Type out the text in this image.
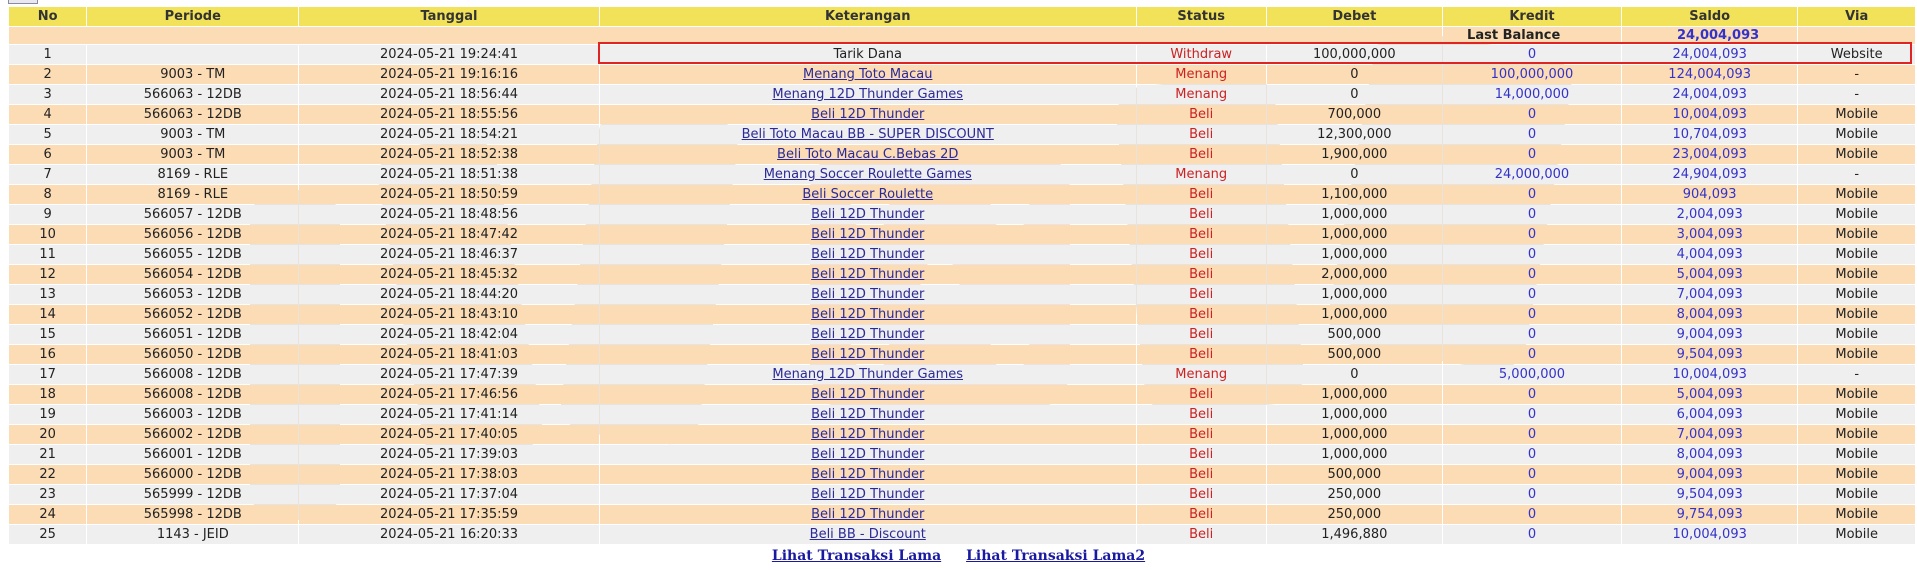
No	Periode	Tanggal	Keterangan	Status	Debet	Kredit	Saldo	Via
						Last Balance	24,004,093	
1		2024-05-21 19:24:41	Tarik Dana	Withdraw	100,000,000	0	24,004,093	Website
2	9003 - TM	2024-05-21 19:16:16	Menang Toto Macau	Menang	0	100,000,000	124,004,093	-
3	566063 - 12DB	2024-05-21 18:56:44	Menang 12D Thunder Games	Menang	0	14,000,000	24,004,093	-
4	566063 - 12DB	2024-05-21 18:55:56	Beli 12D Thunder	Beli	700,000	0	10,004,093	Mobile
5	9003 - TM	2024-05-21 18:54:21	Beli Toto Macau BB - SUPER DISCOUNT	Beli	12,300,000	0	10,704,093	Mobile
6	9003 - TM	2024-05-21 18:52:38	Beli Toto Macau C.Bebas 2D	Beli	1,900,000	0	23,004,093	Mobile
7	8169 - RLE	2024-05-21 18:51:38	Menang Soccer Roulette Games	Menang	0	24,000,000	24,904,093	-
8	8169 - RLE	2024-05-21 18:50:59	Beli Soccer Roulette	Beli	1,100,000	0	904,093	Mobile
9	566057 - 12DB	2024-05-21 18:48:56	Beli 12D Thunder	Beli	1,000,000	0	2,004,093	Mobile
10	566056 - 12DB	2024-05-21 18:47:42	Beli 12D Thunder	Beli	1,000,000	0	3,004,093	Mobile
11	566055 - 12DB	2024-05-21 18:46:37	Beli 12D Thunder	Beli	1,000,000	0	4,004,093	Mobile
12	566054 - 12DB	2024-05-21 18:45:32	Beli 12D Thunder	Beli	2,000,000	0	5,004,093	Mobile
13	566053 - 12DB	2024-05-21 18:44:20	Beli 12D Thunder	Beli	1,000,000	0	7,004,093	Mobile
14	566052 - 12DB	2024-05-21 18:43:10	Beli 12D Thunder	Beli	1,000,000	0	8,004,093	Mobile
15	566051 - 12DB	2024-05-21 18:42:04	Beli 12D Thunder	Beli	500,000	0	9,004,093	Mobile
16	566050 - 12DB	2024-05-21 18:41:03	Beli 12D Thunder	Beli	500,000	0	9,504,093	Mobile
17	566008 - 12DB	2024-05-21 17:47:39	Menang 12D Thunder Games	Menang	0	5,000,000	10,004,093	-
18	566008 - 12DB	2024-05-21 17:46:56	Beli 12D Thunder	Beli	1,000,000	0	5,004,093	Mobile
19	566003 - 12DB	2024-05-21 17:41:14	Beli 12D Thunder	Beli	1,000,000	0	6,004,093	Mobile
20	566002 - 12DB	2024-05-21 17:40:05	Beli 12D Thunder	Beli	1,000,000	0	7,004,093	Mobile
21	566001 - 12DB	2024-05-21 17:39:03	Beli 12D Thunder	Beli	1,000,000	0	8,004,093	Mobile
22	566000 - 12DB	2024-05-21 17:38:03	Beli 12D Thunder	Beli	500,000	0	9,004,093	Mobile
23	565999 - 12DB	2024-05-21 17:37:04	Beli 12D Thunder	Beli	250,000	0	9,504,093	Mobile
24	565998 - 12DB	2024-05-21 17:35:59	Beli 12D Thunder	Beli	250,000	0	9,754,093	Mobile
25	1143 - JEID	2024-05-21 16:20:33	Beli BB - Discount	Beli	1,496,880	0	10,004,093	Mobile
Lihat Transaksi Lama Lihat Transaksi Lama2
